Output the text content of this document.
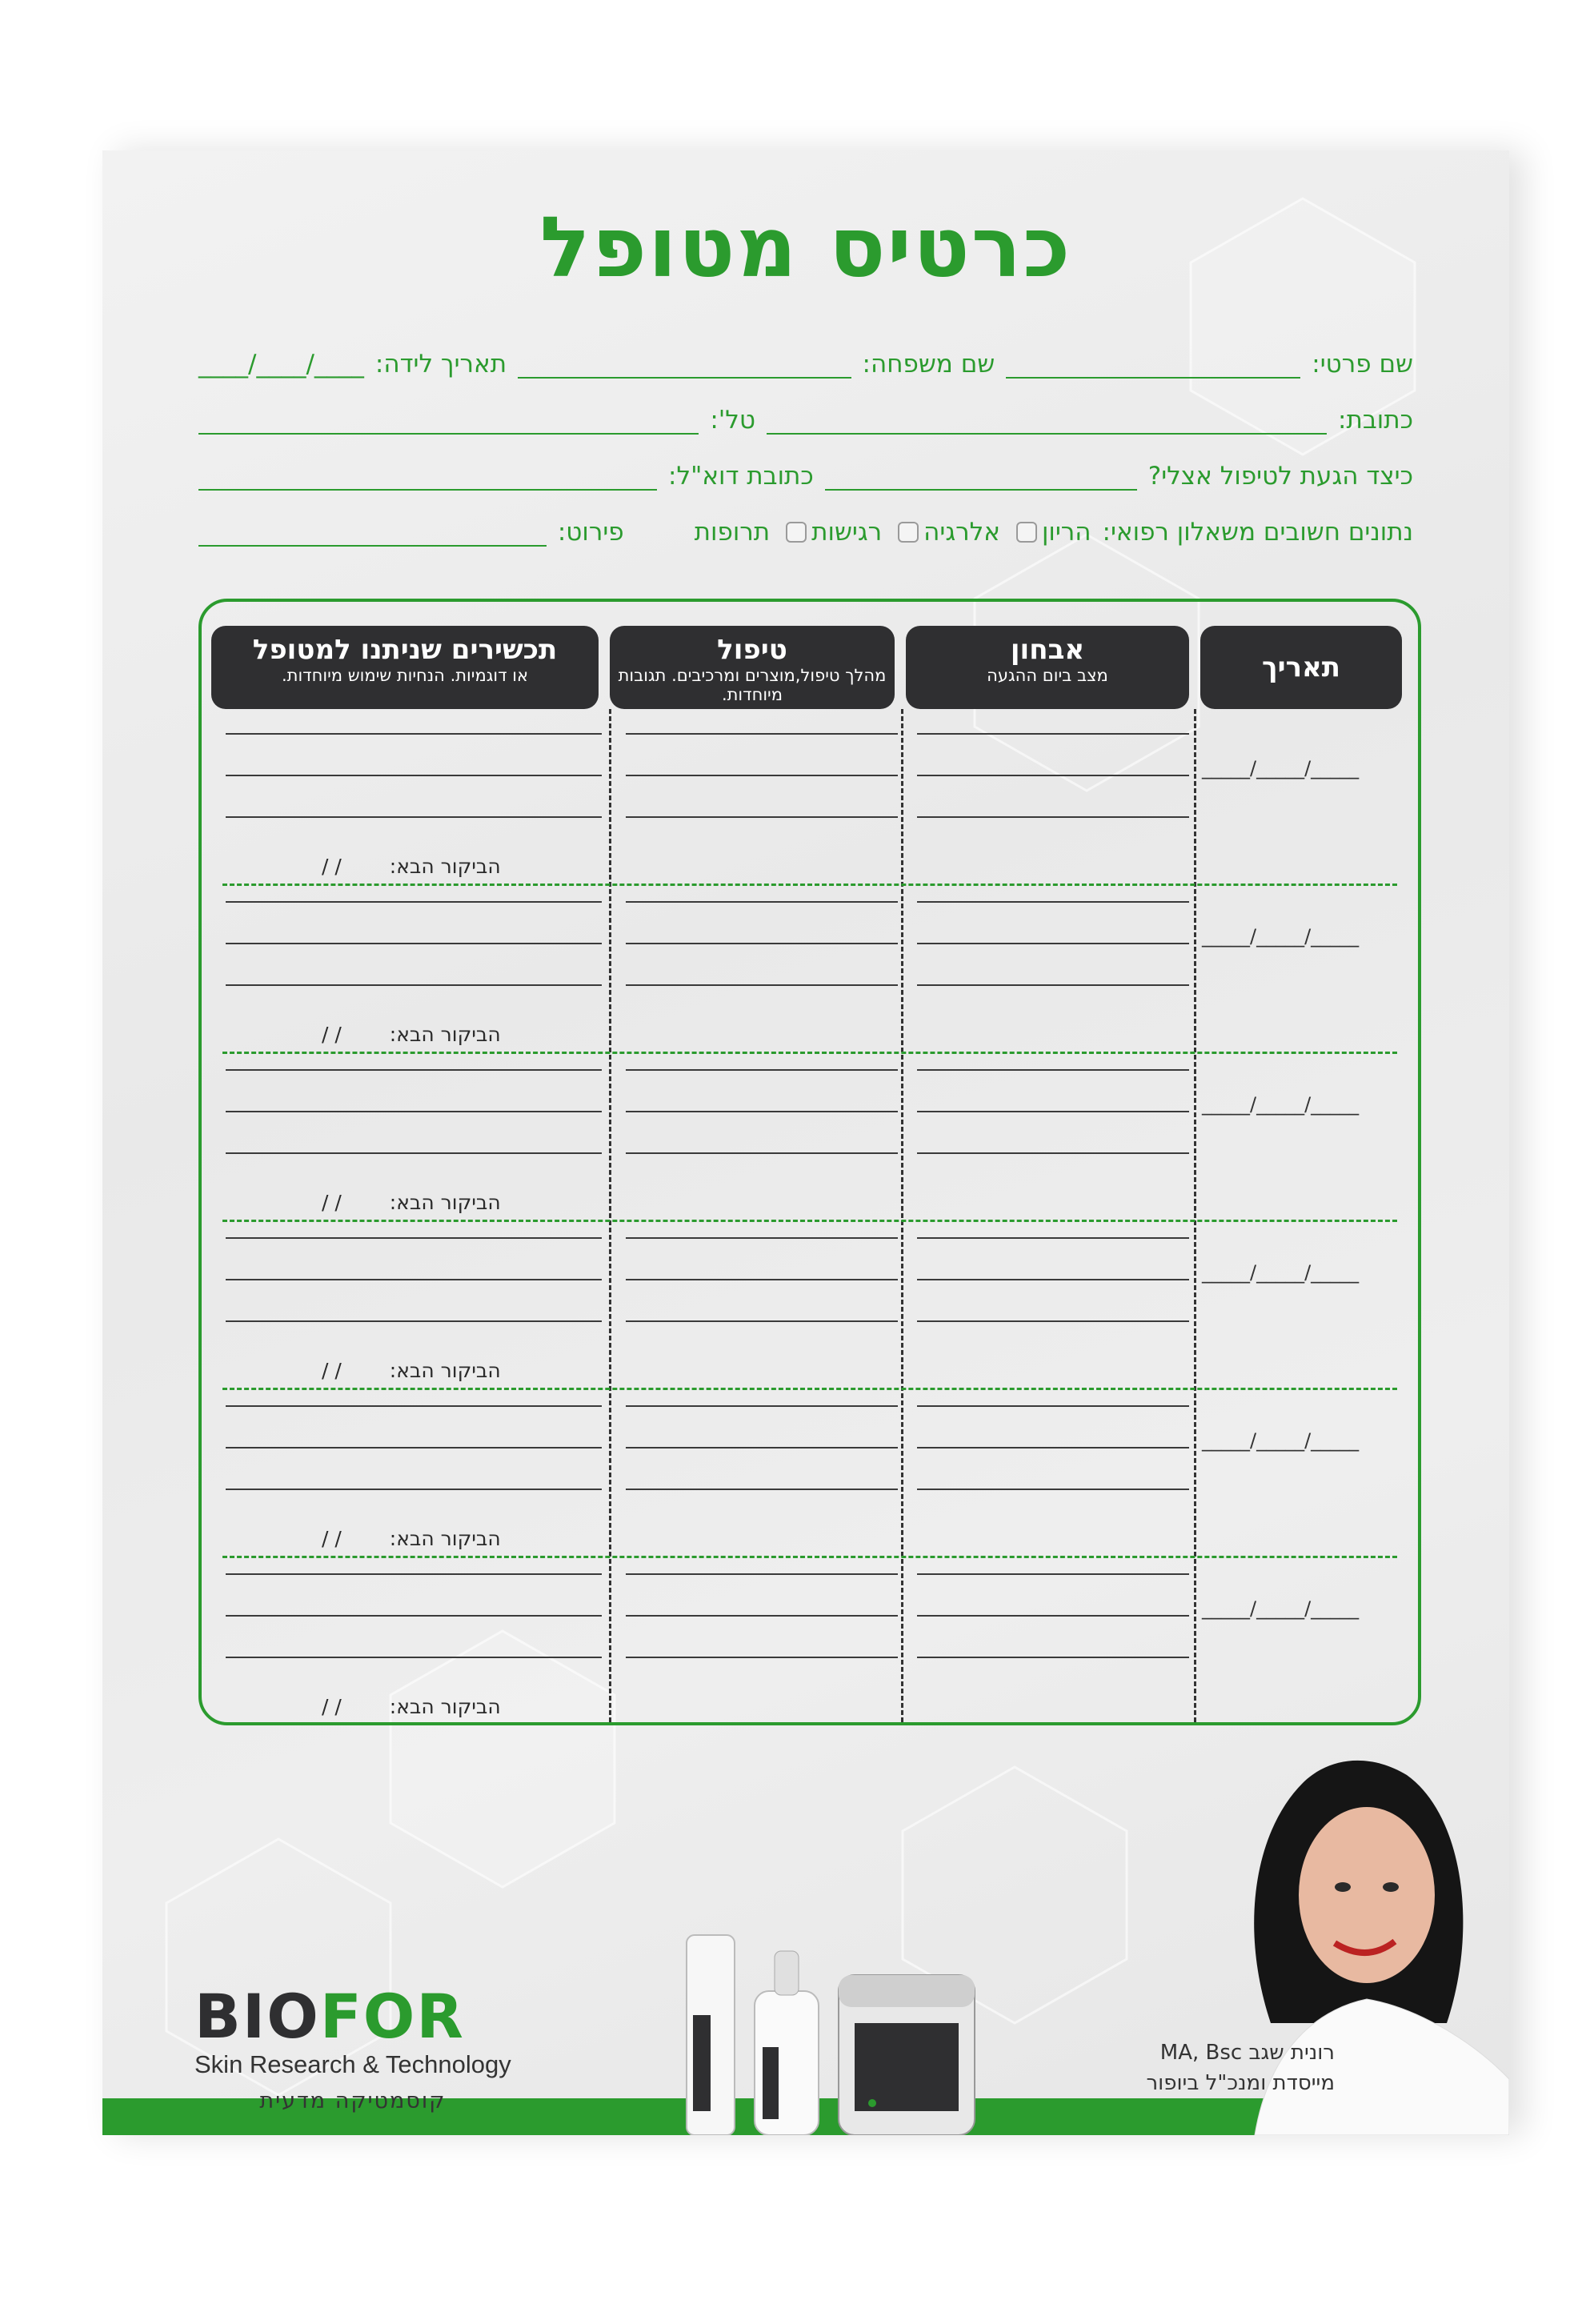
כרטיס מטופל
שם פרטי:
שם משפחה:
תאריך לידה:
____/____/____
כתובת:
טל':
כיצד הגעת לטיפול אצלי?
כתובת דוא"ל:
נתונים חשובים משאלון רפואי:
הריון
אלרגיה
רגישות
תרופות
פירוט:
תאריך
אבחון
מצב ביום ההגעה
טיפול
מהלך טיפול,מוצרים ומרכיבים. תגובות מיוחדות.
תכשירים שניתנו למטופל
או דוגמיות. הנחיות שימוש מיוחדות.
_____/_____/_____
הביקור הבא:/ /
_____/_____/_____
הביקור הבא:/ /
_____/_____/_____
הביקור הבא:/ /
_____/_____/_____
הביקור הבא:/ /
_____/_____/_____
הביקור הבא:/ /
_____/_____/_____
הביקור הבא:/ /
BIOFOR
Skin Research & Technology
קוסמטיקה מדעית
רונית שגב MA, Bsc
מייסדת ומנכ"ל ביופור
